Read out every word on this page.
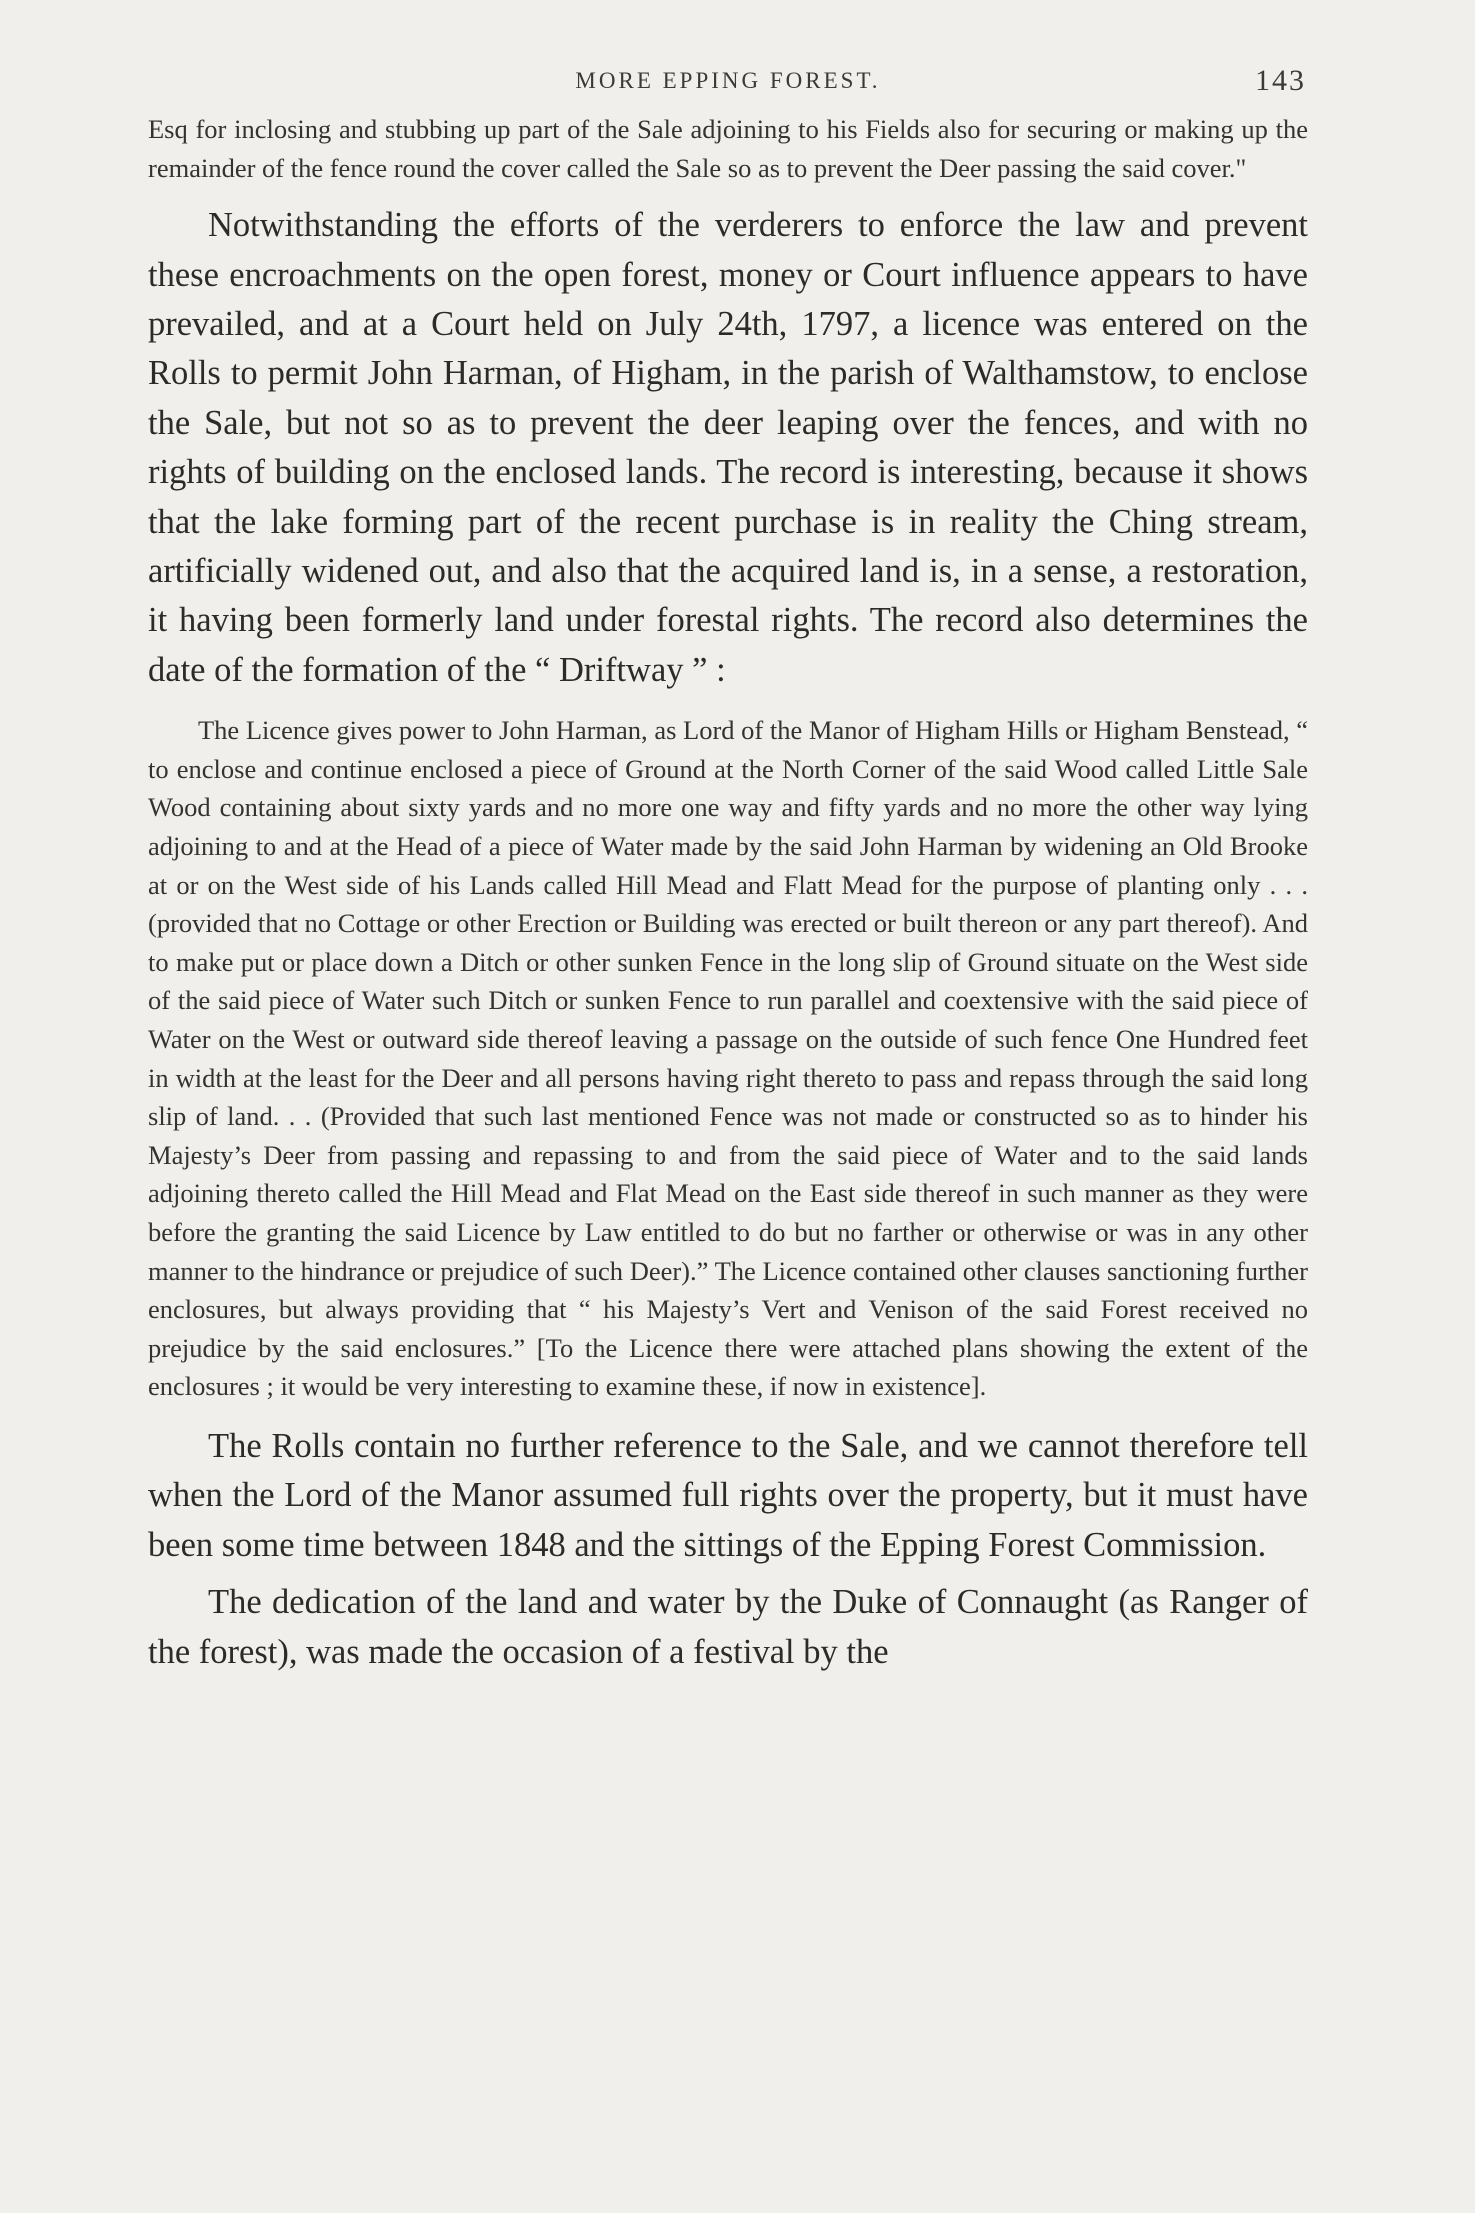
MORE EPPING FOREST.	143

Esq for inclosing and stubbing up part of the Sale adjoining to his Fields also for securing or making up the remainder of the fence round the cover called the Sale so as to prevent the Deer passing the said cover."

Notwithstanding the efforts of the verderers to enforce the law and prevent these encroachments on the open forest, money or Court influence appears to have prevailed, and at a Court held on July 24th, 1797, a licence was entered on the Rolls to permit John Harman, of Higham, in the parish of Walthamstow, to enclose the Sale, but not so as to prevent the deer leaping over the fences, and with no rights of building on the enclosed lands. The record is interesting, because it shows that the lake forming part of the recent purchase is in reality the Ching stream, artificially widened out, and also that the acquired land is, in a sense, a restoration, it having been formerly land under forestal rights. The record also determines the date of the formation of the “ Driftway ” :

The Licence gives power to John Harman, as Lord of the Manor of Higham Hills or Higham Benstead, “ to enclose and continue enclosed a piece of Ground at the North Corner of the said Wood called Little Sale Wood containing about sixty yards and no more one way and fifty yards and no more the other way lying adjoining to and at the Head of a piece of Water made by the said John Harman by widening an Old Brooke at or on the West side of his Lands called Hill Mead and Flatt Mead for the purpose of planting only . . . (provided that no Cottage or other Erection or Building was erected or built thereon or any part thereof). And to make put or place down a Ditch or other sunken Fence in the long slip of Ground situate on the West side of the said piece of Water such Ditch or sunken Fence to run parallel and coextensive with the said piece of Water on the West or outward side thereof leaving a passage on the outside of such fence One Hundred feet in width at the least for the Deer and all persons having right thereto to pass and repass through the said long slip of land. . . (Provided that such last mentioned Fence was not made or constructed so as to hinder his Majesty’s Deer from passing and repassing to and from the said piece of Water and to the said lands adjoining thereto called the Hill Mead and Flat Mead on the East side thereof in such manner as they were before the granting the said Licence by Law entitled to do but no farther or otherwise or was in any other manner to the hindrance or prejudice of such Deer).” The Licence contained other clauses sanctioning further enclosures, but always providing that “ his Majesty’s Vert and Venison of the said Forest received no prejudice by the said enclosures.” [To the Licence there were attached plans showing the extent of the enclosures ; it would be very interesting to examine these, if now in existence].

The Rolls contain no further reference to the Sale, and we cannot therefore tell when the Lord of the Manor assumed full rights over the property, but it must have been some time between 1848 and the sittings of the Epping Forest Commission.

The dedication of the land and water by the Duke of Connaught (as Ranger of the forest), was made the occasion of a festival by the
